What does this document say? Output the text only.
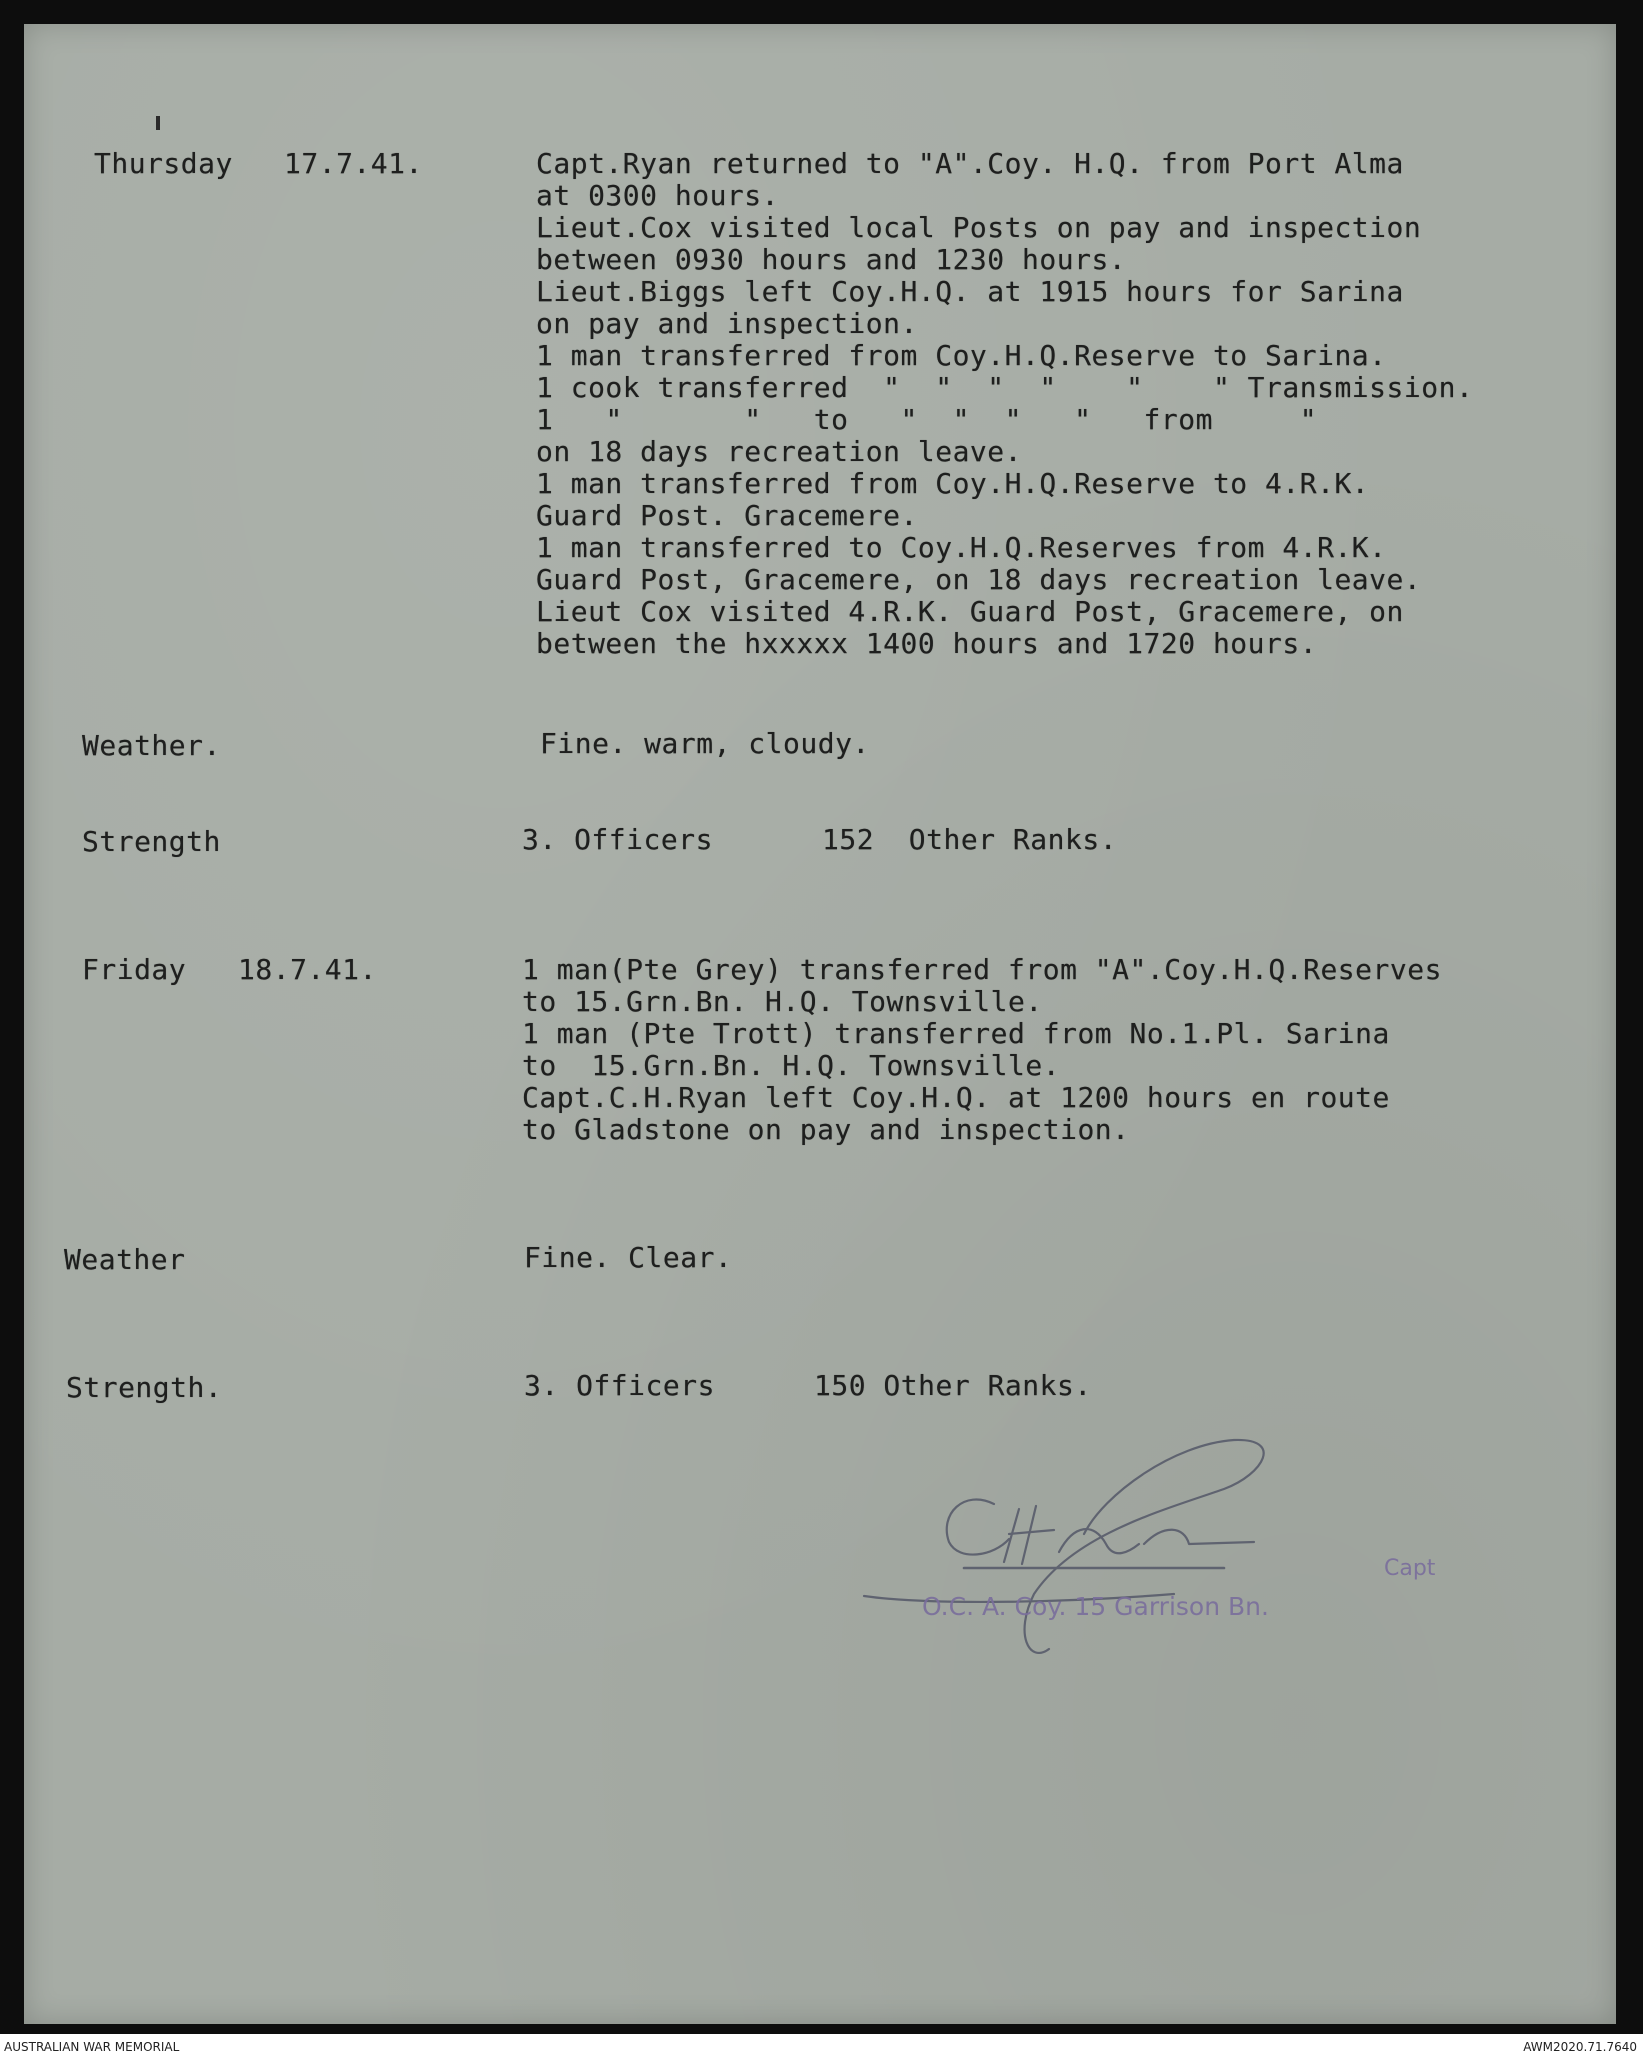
Thursday 17.7.41.	Capt.Ryan returned to "A".Coy. H.Q. from Port Alma
at 0300 hours.
Lieut.Cox visited local Posts on pay and inspection
between 0930 hours and 1230 hours.
Lieut.Biggs left Coy.H.Q. at 1915 hours for Sarina
on pay and inspection.
1 man transferred from Coy.H.Q.Reserve to Sarina.
1 cook transferred  "  "  "  "    "    " Transmission.
1   "       "   to   "  "  "   "   from     "
on 18 days recreation leave.
1 man transferred from Coy.H.Q.Reserve to 4.R.K.
Guard Post. Gracemere.
1 man transferred to Coy.H.Q.Reserves from 4.R.K.
Guard Post, Gracemere, on 18 days recreation leave.
Lieut Cox visited 4.R.K. Guard Post, Gracemere, on
between the hxxxxx 1400 hours and 1720 hours.
Weather.	Fine. warm, cloudy.
Strength	3. Officers	152  Other Ranks.
Friday 18.7.41.	1 man(Pte Grey) transferred from "A".Coy.H.Q.Reserves
to 15.Grn.Bn. H.Q. Townsville.
1 man (Pte Trott) transferred from No.1.Pl. Sarina
to  15.Grn.Bn. H.Q. Townsville.
Capt.C.H.Ryan left Coy.H.Q. at 1200 hours en route
to Gladstone on pay and inspection.
Weather	Fine. Clear.
Strength.	3. Officers	150 Other Ranks.
Capt
O.C. A. Coy. 15 Garrison Bn.
AUSTRALIAN WAR MEMORIAL	AWM2020.71.7640
